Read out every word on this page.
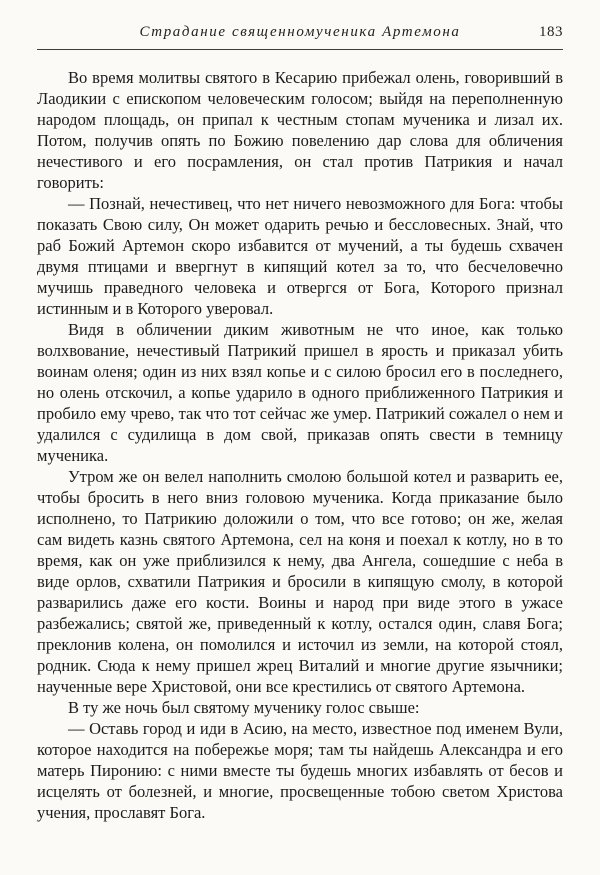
Страдание священномученика Артемона	183

Во время молитвы святого в Кесарию прибежал олень, говоривший в Лаодикии с епископом человеческим голосом; выйдя на переполненную народом площадь, он припал к честным стопам мученика и лизал их. Потом, получив опять по Божию повелению дар слова для обличения нечестивого и его посрамления, он стал против Патрикия и начал говорить:

— Познай, нечестивец, что нет ничего невозможного для Бога: чтобы показать Свою силу, Он может одарить речью и бессловесных. Знай, что раб Божий Артемон скоро избавится от мучений, а ты будешь схвачен двумя птицами и ввергнут в кипящий котел за то, что бесчеловечно мучишь праведного человека и отвергся от Бога, Которого признал истинным и в Которого уверовал.

Видя в обличении диким животным не что иное, как только волхвование, нечестивый Патрикий пришел в ярость и приказал убить воинам оленя; один из них взял копье и с силою бросил его в последнего, но олень отскочил, а копье ударило в одного приближенного Патрикия и пробило ему чрево, так что тот сейчас же умер. Патрикий сожалел о нем и удалился с судилища в дом свой, приказав опять свести в темницу мученика.

Утром же он велел наполнить смолою большой котел и разварить ее, чтобы бросить в него вниз головою мученика. Когда приказание было исполнено, то Патрикию доложили о том, что все готово; он же, желая сам видеть казнь святого Артемона, сел на коня и поехал к котлу, но в то время, как он уже приблизился к нему, два Ангела, сошедшие с неба в виде орлов, схватили Патрикия и бросили в кипящую смолу, в которой разварились даже его кости. Воины и народ при виде этого в ужасе разбежались; святой же, приведенный к котлу, остался один, славя Бога; преклонив колена, он помолился и источил из земли, на которой стоял, родник. Сюда к нему пришел жрец Виталий и многие другие язычники; наученные вере Христовой, они все крестились от святого Артемона.

В ту же ночь был святому мученику голос свыше:

— Оставь город и иди в Асию, на место, известное под именем Вули, которое находится на побережье моря; там ты найдешь Александра и его матерь Пиронию: с ними вместе ты будешь многих избавлять от бесов и исцелять от болезней, и многие, просвещенные тобою светом Христова учения, прославят Бога.
